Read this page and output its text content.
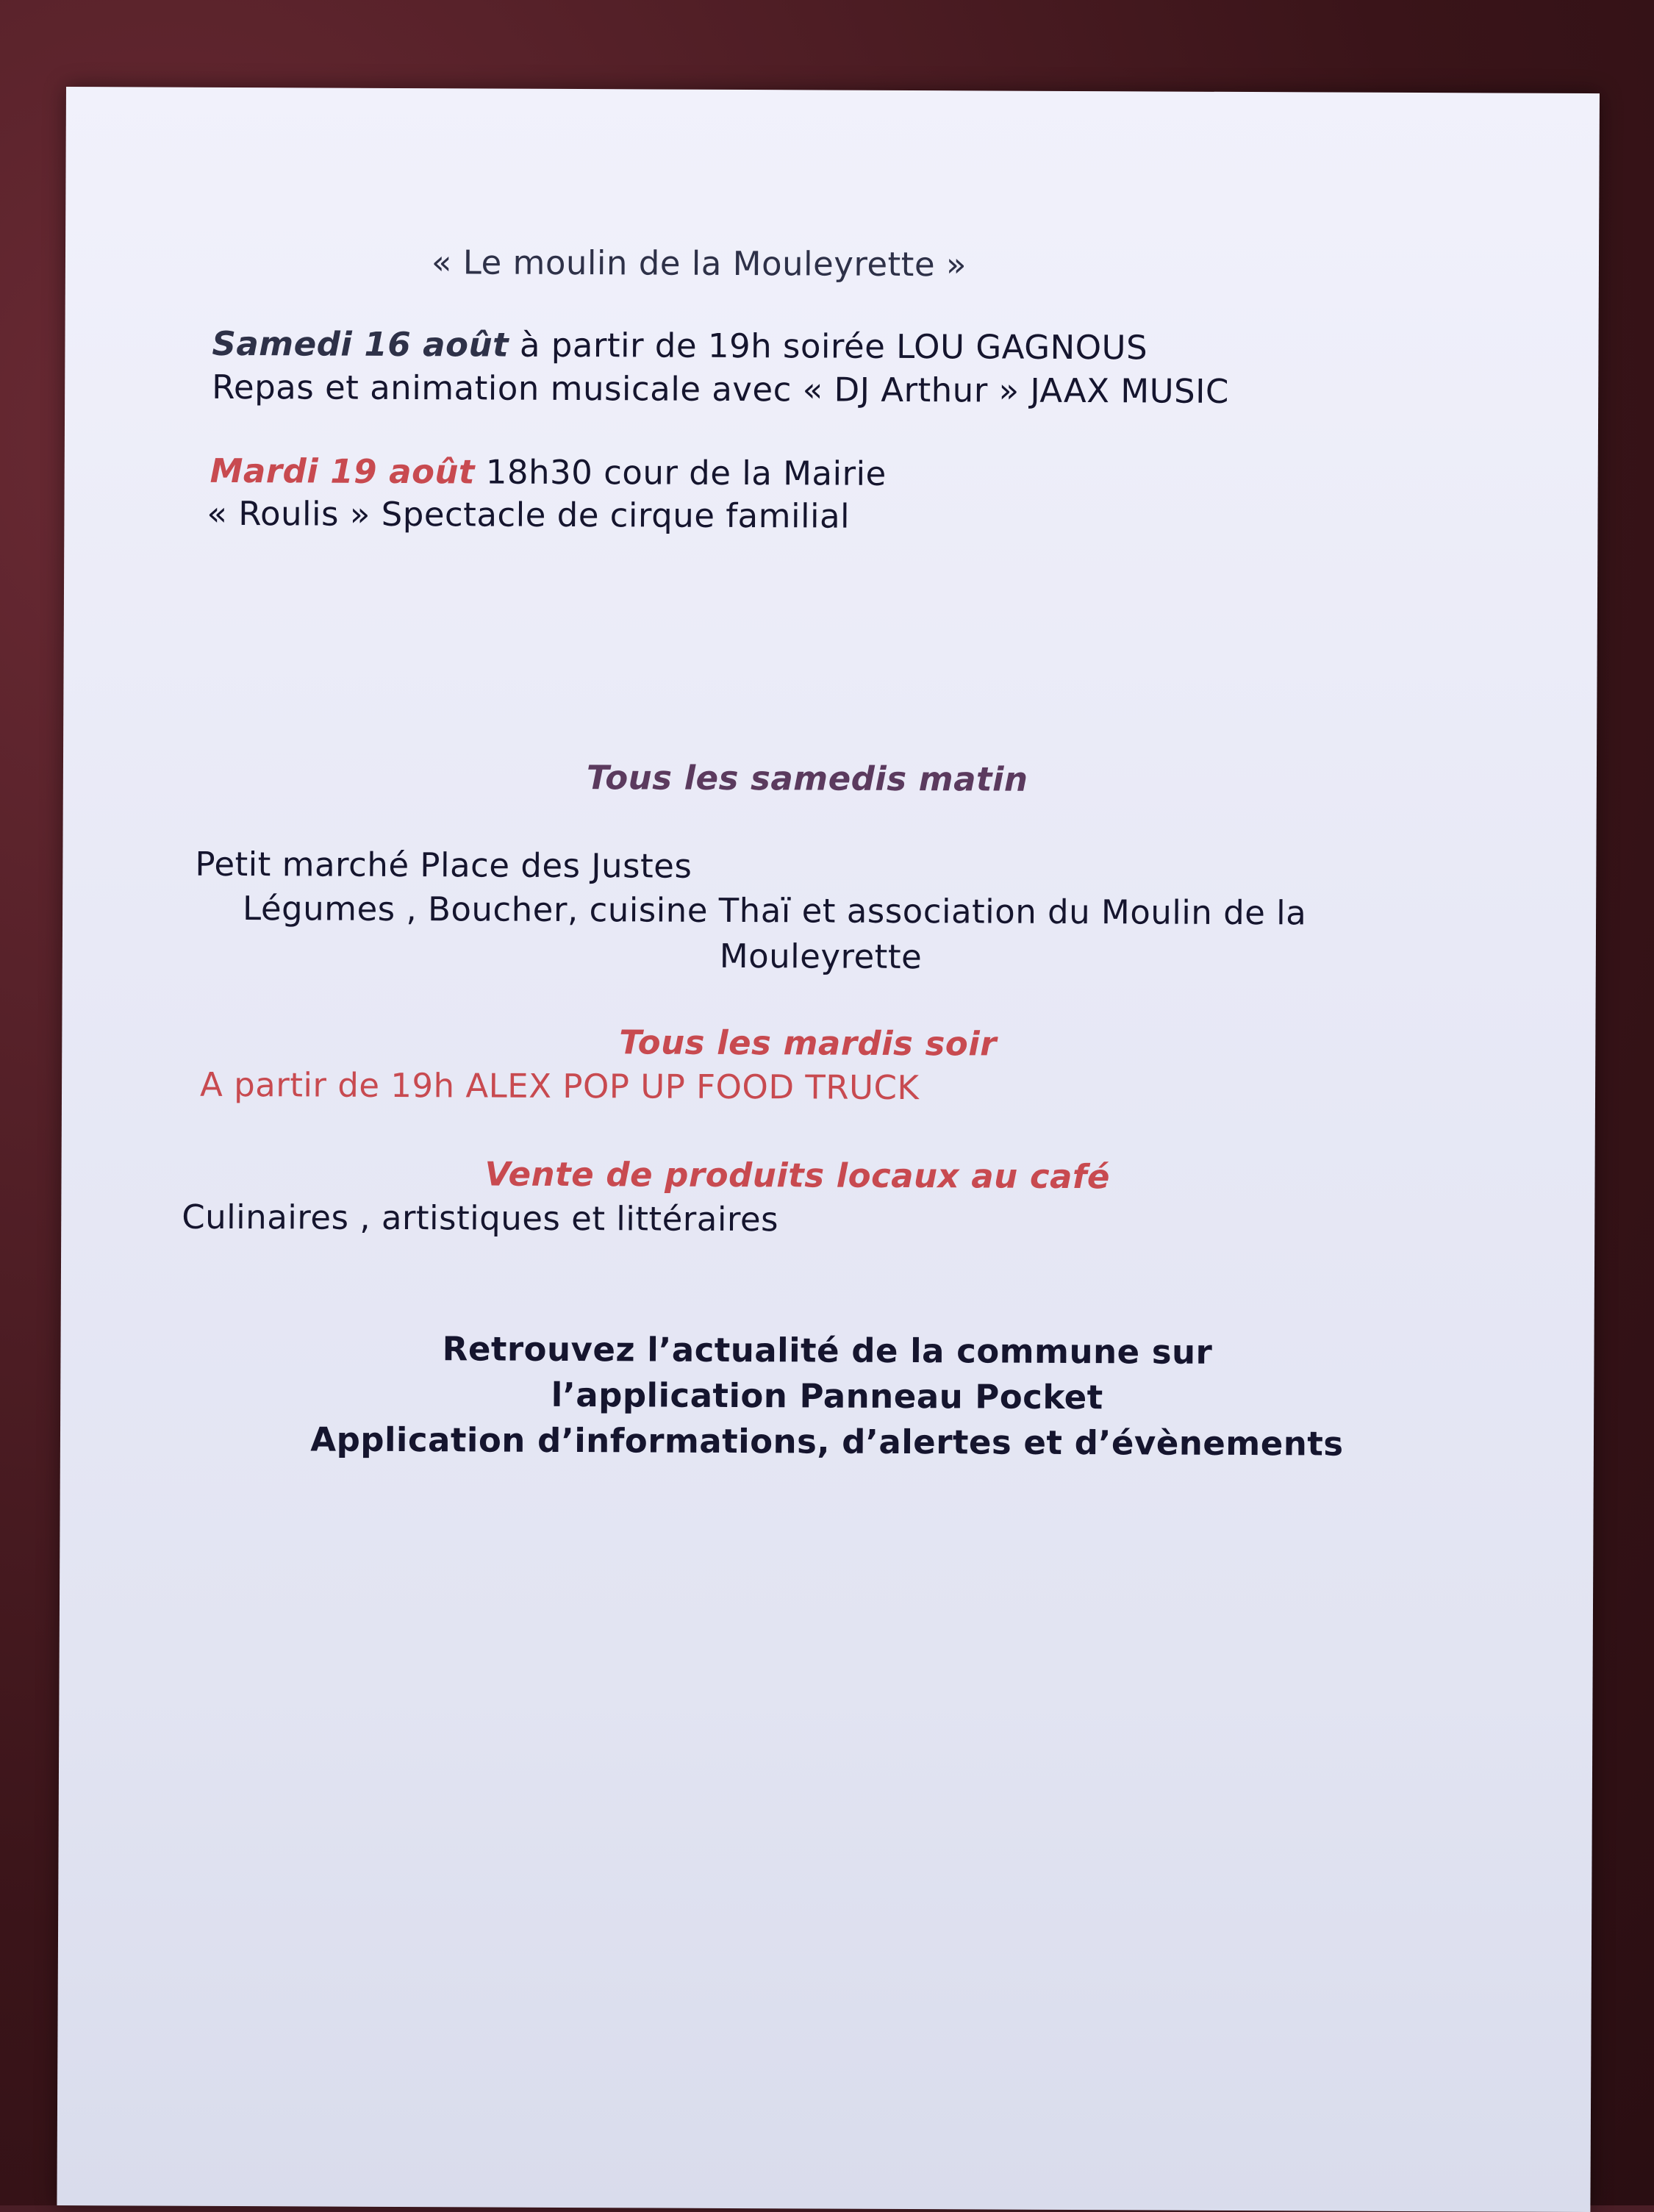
« Le moulin de la Mouleyrette »
Samedi 16 août à partir de 19h soirée LOU GAGNOUS
Repas et animation musicale avec « DJ Arthur » JAAX MUSIC
Mardi 19 août 18h30 cour de la Mairie
« Roulis » Spectacle de cirque familial
Tous les samedis matin
Petit marché Place des Justes
Légumes , Boucher, cuisine Thaï et association du Moulin de la
Mouleyrette
Tous les mardis soir
A partir de 19h ALEX POP UP FOOD TRUCK
Vente de produits locaux au café
Culinaires , artistiques et littéraires
Retrouvez l’actualité de la commune sur
l’application Panneau Pocket
Application d’informations, d’alertes et d’évènements
